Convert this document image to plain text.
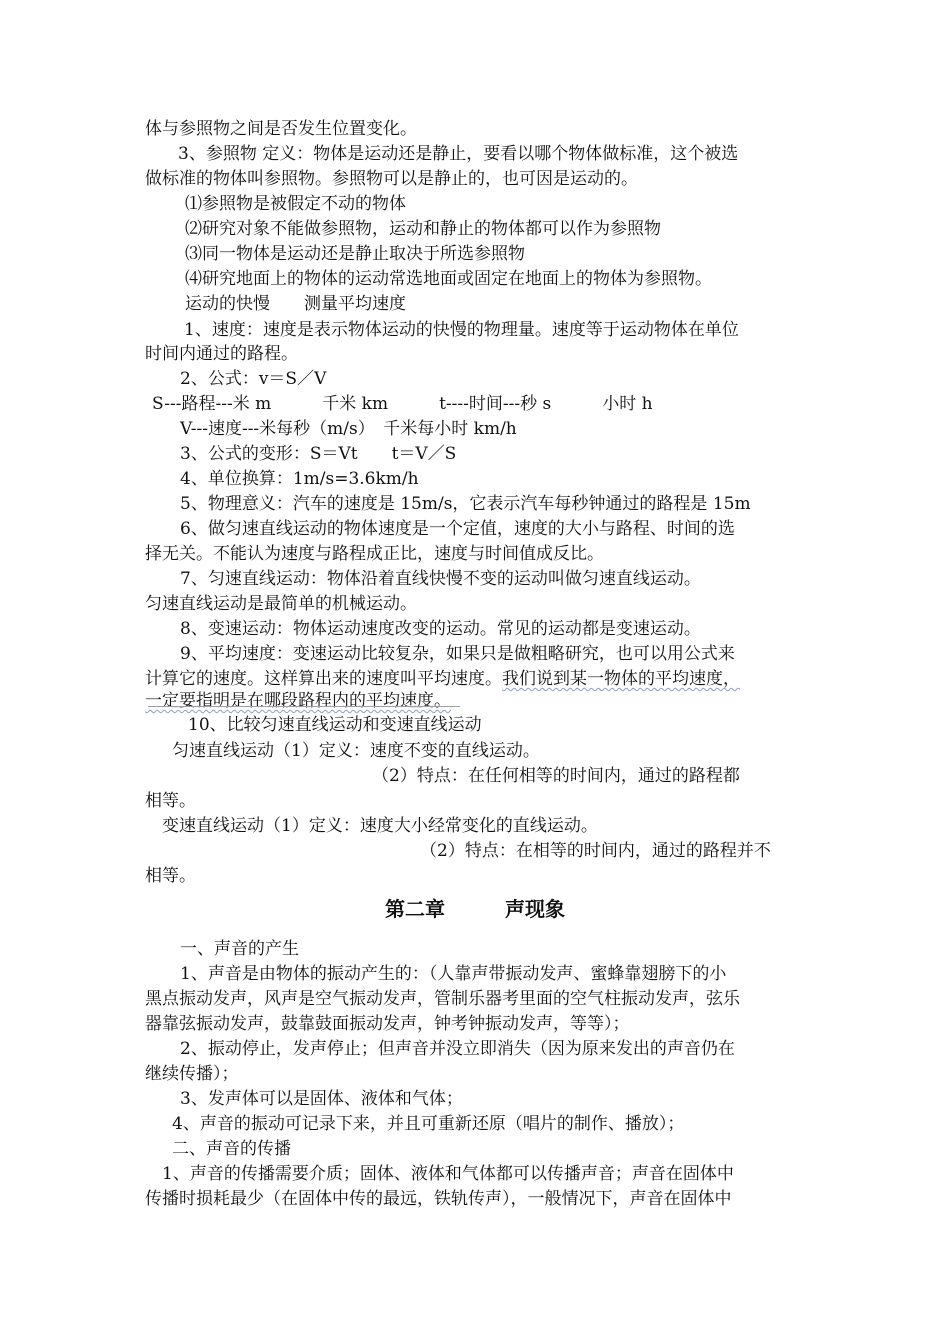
体与参照物之间是否发生位置变化。
3、参照物 定义：物体是运动还是静止，要看以哪个物体做标准，这个被选
做标准的物体叫参照物。参照物可以是静止的，也可因是运动的。
⑴参照物是被假定不动的物体
⑵研究对象不能做参照物，运动和静止的物体都可以作为参照物
⑶同一物体是运动还是静止取决于所选参照物
⑷研究地面上的物体的运动常选地面或固定在地面上的物体为参照物。
运动的快慢　　测量平均速度
1、速度：速度是表示物体运动的快慢的物理量。速度等于运动物体在单位
时间内通过的路程。
2、公式：v＝S／V
S---路程---米 m　　　千米 km　　　t----时间---秒 s　　　小时 h
V---速度---米每秒（m/s）　千米每小时 km/h
3、公式的变形：S＝Vt　　t＝V／S
4、单位换算：1m/s=3.6km/h
5、物理意义：汽车的速度是 15m/s，它表示汽车每秒钟通过的路程是 15m
6、做匀速直线运动的物体速度是一个定值，速度的大小与路程、时间的选
择无关。不能认为速度与路程成正比，速度与时间值成反比。
7、匀速直线运动：物体沿着直线快慢不变的运动叫做匀速直线运动。
匀速直线运动是最简单的机械运动。
8、变速运动：物体运动速度改变的运动。常见的运动都是变速运动。
9、平均速度：变速运动比较复杂，如果只是做粗略研究，也可以用公式来
计算它的速度。这样算出来的速度叫平均速度。我们说到某一物体的平均速度，
一定要指明是在哪段路程内的平均速度。
10、比较匀速直线运动和变速直线运动
匀速直线运动（1）定义：速度不变的直线运动。
（2）特点：在任何相等的时间内，通过的路程都
相等。
变速直线运动（1）定义：速度大小经常变化的直线运动。
（2）特点：在相等的时间内，通过的路程并不
相等。
第二章　　　声现象
一、声音的产生
1、声音是由物体的振动产生的：（人靠声带振动发声、蜜蜂靠翅膀下的小
黑点振动发声，风声是空气振动发声，管制乐器考里面的空气柱振动发声，弦乐
器靠弦振动发声，鼓靠鼓面振动发声，钟考钟振动发声，等等）；
2、振动停止，发声停止；但声音并没立即消失（因为原来发出的声音仍在
继续传播）；
3、发声体可以是固体、液体和气体；
4、声音的振动可记录下来，并且可重新还原（唱片的制作、播放）；
二、声音的传播
1、声音的传播需要介质；固体、液体和气体都可以传播声音；声音在固体中
传播时损耗最少（在固体中传的最远，铁轨传声），一般情况下，声音在固体中
